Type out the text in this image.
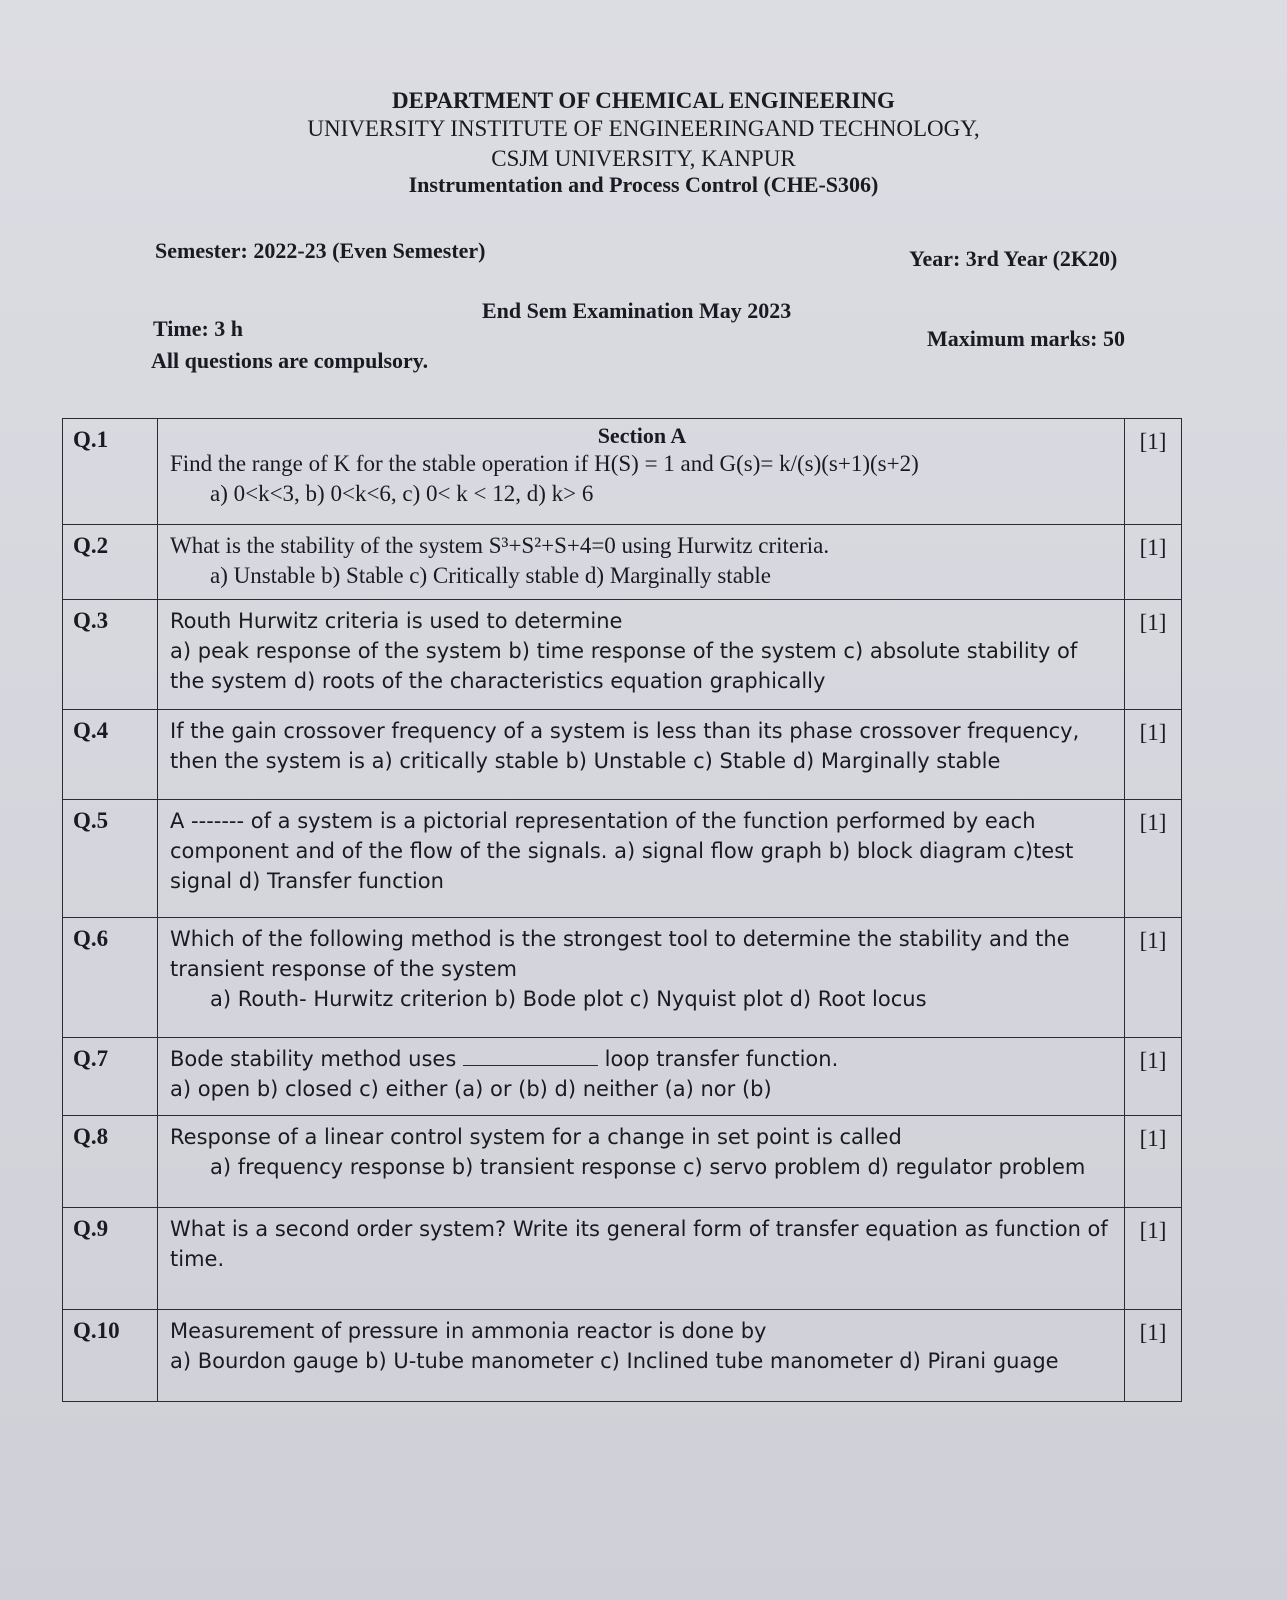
DEPARTMENT OF CHEMICAL ENGINEERING
UNIVERSITY INSTITUTE OF ENGINEERINGAND TECHNOLOGY,
CSJM UNIVERSITY, KANPUR
Instrumentation and Process Control (CHE-S306)
Semester: 2022-23 (Even Semester)	Year: 3rd Year (2K20)
End Sem Examination May 2023
Time: 3 h	Maximum marks: 50
All questions are compulsory.
Q.1	Section A
Find the range of K for the stable operation if H(S) = 1 and G(s)= k/(s)(s+1)(s+2)
a) 0<k<3, b) 0<k<6, c) 0< k < 12, d) k> 6	[1]
Q.2	What is the stability of the system S³+S²+S+4=0 using Hurwitz criteria.
a) Unstable b) Stable c) Critically stable d) Marginally stable	[1]
Q.3	Routh Hurwitz criteria is used to determine
a) peak response of the system b) time response of the system c) absolute stability of the system d) roots of the characteristics equation graphically	[1]
Q.4	If the gain crossover frequency of a system is less than its phase crossover frequency, then the system is a) critically stable b) Unstable c) Stable d) Marginally stable	[1]
Q.5	A ------- of a system is a pictorial representation of the function performed by each component and of the flow of the signals. a) signal flow graph b) block diagram c)test signal d) Transfer function	[1]
Q.6	Which of the following method is the strongest tool to determine the stability and the transient response of the system
a) Routh- Hurwitz criterion b) Bode plot c) Nyquist plot d) Root locus	[1]
Q.7	Bode stability method uses loop transfer function.
a) open b) closed c) either (a) or (b) d) neither (a) nor (b)	[1]
Q.8	Response of a linear control system for a change in set point is called
a) frequency response b) transient response c) servo problem d) regulator problem	[1]
Q.9	What is a second order system? Write its general form of transfer equation as function of time.	[1]
Q.10	Measurement of pressure in ammonia reactor is done by
a) Bourdon gauge b) U-tube manometer c) Inclined tube manometer d) Pirani guage	[1]
